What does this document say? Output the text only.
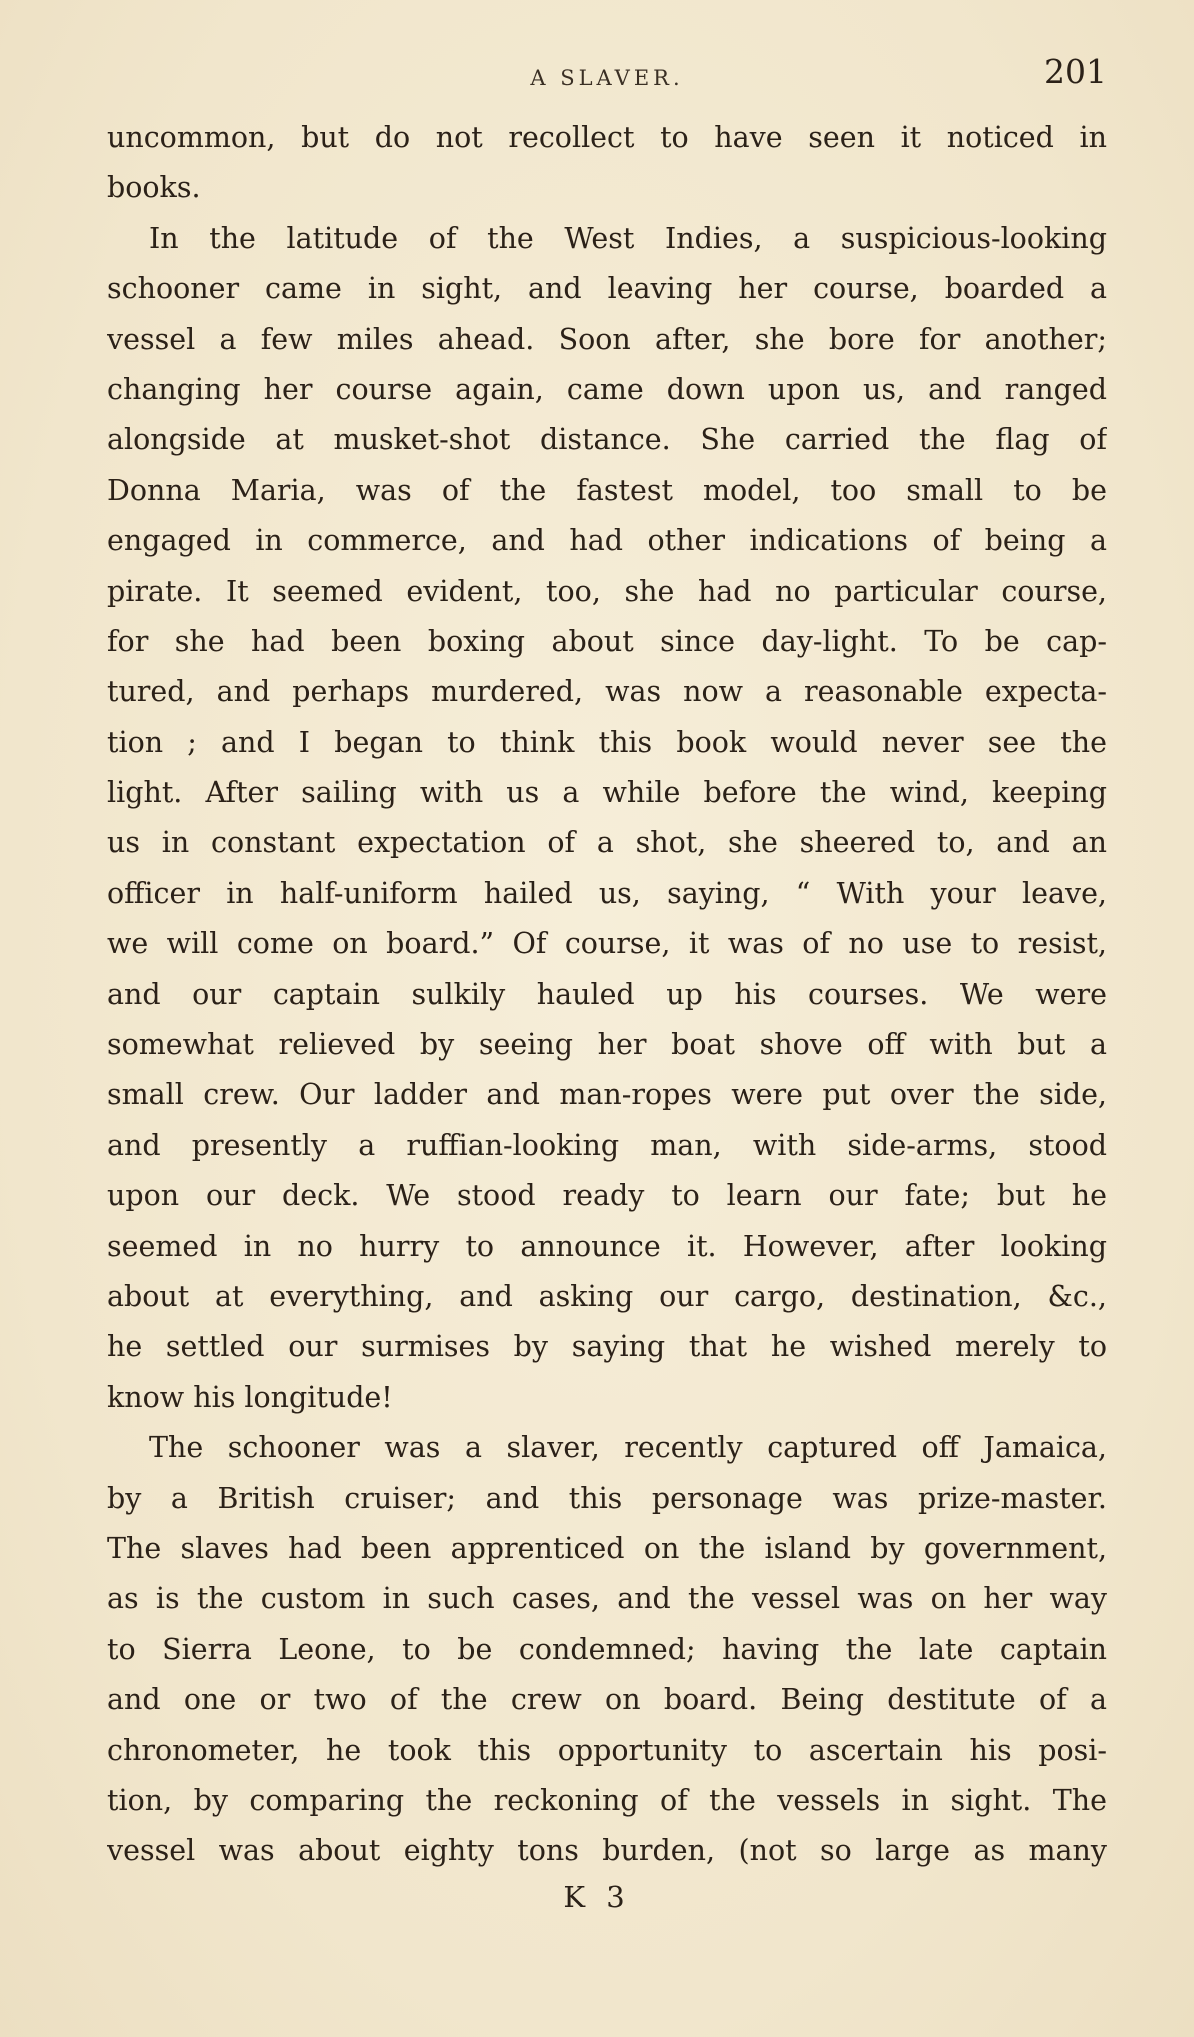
A SLAVER.	201
uncommon, but do not recollect to have seen it noticed in
books.
In the latitude of the West Indies, a suspicious-looking
schooner came in sight, and leaving her course, boarded a
vessel a few miles ahead. Soon after, she bore for another;
changing her course again, came down upon us, and ranged
alongside at musket-shot distance. She carried the flag of
Donna Maria, was of the fastest model, too small to be
engaged in commerce, and had other indications of being a
pirate. It seemed evident, too, she had no particular course,
for she had been boxing about since day-light. To be cap-
tured, and perhaps murdered, was now a reasonable expecta-
tion ; and I began to think this book would never see the
light. After sailing with us a while before the wind, keeping
us in constant expectation of a shot, she sheered to, and an
officer in half-uniform hailed us, saying, “ With your leave,
we will come on board.” Of course, it was of no use to resist,
and our captain sulkily hauled up his courses. We were
somewhat relieved by seeing her boat shove off with but a
small crew. Our ladder and man-ropes were put over the side,
and presently a ruffian-looking man, with side-arms, stood
upon our deck. We stood ready to learn our fate; but he
seemed in no hurry to announce it. However, after looking
about at everything, and asking our cargo, destination, &c.,
he settled our surmises by saying that he wished merely to
know his longitude!
The schooner was a slaver, recently captured off Jamaica,
by a British cruiser; and this personage was prize-master.
The slaves had been apprenticed on the island by government,
as is the custom in such cases, and the vessel was on her way
to Sierra Leone, to be condemned; having the late captain
and one or two of the crew on board. Being destitute of a
chronometer, he took this opportunity to ascertain his posi-
tion, by comparing the reckoning of the vessels in sight. The
vessel was about eighty tons burden, (not so large as many
K 3
